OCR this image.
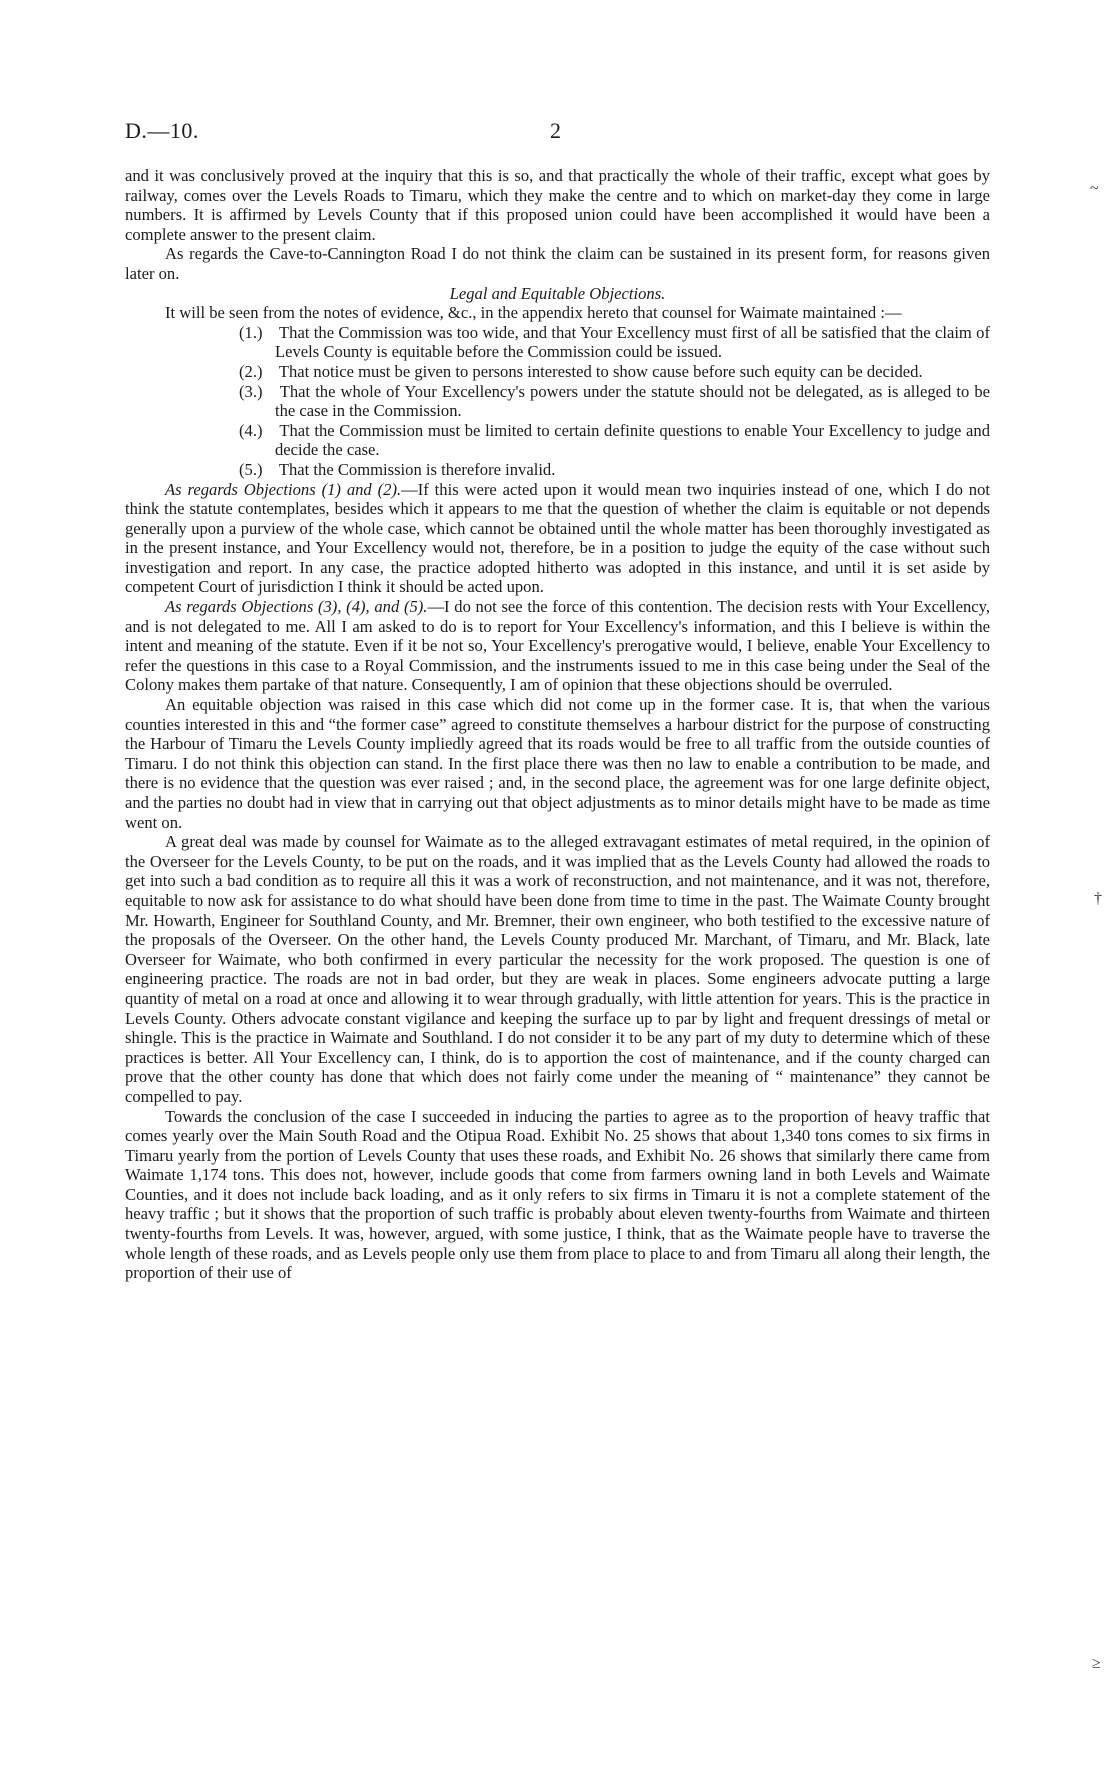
D.—10.	2

and it was conclusively proved at the inquiry that this is so, and that practically the whole of their traffic, except what goes by railway, comes over the Levels Roads to Timaru, which they make the centre and to which on market-day they come in large numbers. It is affirmed by Levels County that if this proposed union could have been accomplished it would have been a complete answer to the present claim.

As regards the Cave-to-Cannington Road I do not think the claim can be sustained in its present form, for reasons given later on.

Legal and Equitable Objections.

It will be seen from the notes of evidence, &c., in the appendix hereto that counsel for Waimate maintained :—

(1.) That the Commission was too wide, and that Your Excellency must first of all be satisfied that the claim of Levels County is equitable before the Commission could be issued.
(2.) That notice must be given to persons interested to show cause before such equity can be decided.
(3.) That the whole of Your Excellency's powers under the statute should not be delegated, as is alleged to be the case in the Commission.
(4.) That the Commission must be limited to certain definite questions to enable Your Excellency to judge and decide the case.
(5.) That the Commission is therefore invalid.

As regards Objections (1) and (2).—If this were acted upon it would mean two inquiries instead of one, which I do not think the statute contemplates, besides which it appears to me that the question of whether the claim is equitable or not depends generally upon a purview of the whole case, which cannot be obtained until the whole matter has been thoroughly investigated as in the present instance, and Your Excellency would not, therefore, be in a position to judge the equity of the case without such investigation and report. In any case, the practice adopted hitherto was adopted in this instance, and until it is set aside by competent Court of jurisdiction I think it should be acted upon.

As regards Objections (3), (4), and (5).—I do not see the force of this contention. The decision rests with Your Excellency, and is not delegated to me. All I am asked to do is to report for Your Excellency's information, and this I believe is within the intent and meaning of the statute. Even if it be not so, Your Excellency's prerogative would, I believe, enable Your Excellency to refer the questions in this case to a Royal Commission, and the instruments issued to me in this case being under the Seal of the Colony makes them partake of that nature. Consequently, I am of opinion that these objections should be overruled.

An equitable objection was raised in this case which did not come up in the former case. It is, that when the various counties interested in this and “the former case” agreed to constitute themselves a harbour district for the purpose of constructing the Harbour of Timaru the Levels County impliedly agreed that its roads would be free to all traffic from the outside counties of Timaru. I do not think this objection can stand. In the first place there was then no law to enable a contribution to be made, and there is no evidence that the question was ever raised ; and, in the second place, the agreement was for one large definite object, and the parties no doubt had in view that in carrying out that object adjustments as to minor details might have to be made as time went on.

A great deal was made by counsel for Waimate as to the alleged extravagant estimates of metal required, in the opinion of the Overseer for the Levels County, to be put on the roads, and it was implied that as the Levels County had allowed the roads to get into such a bad condition as to require all this it was a work of reconstruction, and not maintenance, and it was not, therefore, equitable to now ask for assistance to do what should have been done from time to time in the past. The Waimate County brought Mr. Howarth, Engineer for Southland County, and Mr. Bremner, their own engineer, who both testified to the excessive nature of the proposals of the Overseer. On the other hand, the Levels County produced Mr. Marchant, of Timaru, and Mr. Black, late Overseer for Waimate, who both confirmed in every particular the necessity for the work proposed. The question is one of engineering practice. The roads are not in bad order, but they are weak in places. Some engineers advocate putting a large quantity of metal on a road at once and allowing it to wear through gradually, with little attention for years. This is the practice in Levels County. Others advocate constant vigilance and keeping the surface up to par by light and frequent dressings of metal or shingle. This is the practice in Waimate and Southland. I do not consider it to be any part of my duty to determine which of these practices is better. All Your Excellency can, I think, do is to apportion the cost of maintenance, and if the county charged can prove that the other county has done that which does not fairly come under the meaning of “ maintenance” they cannot be compelled to pay.

Towards the conclusion of the case I succeeded in inducing the parties to agree as to the proportion of heavy traffic that comes yearly over the Main South Road and the Otipua Road. Exhibit No. 25 shows that about 1,340 tons comes to six firms in Timaru yearly from the portion of Levels County that uses these roads, and Exhibit No. 26 shows that similarly there came from Waimate 1,174 tons. This does not, however, include goods that come from farmers owning land in both Levels and Waimate Counties, and it does not include back loading, and as it only refers to six firms in Timaru it is not a complete statement of the heavy traffic ; but it shows that the proportion of such traffic is probably about eleven twenty-fourths from Waimate and thirteen twenty-fourths from Levels. It was, however, argued, with some justice, I think, that as the Waimate people have to traverse the whole length of these roads, and as Levels people only use them from place to place to and from Timaru all along their length, the proportion of their use of

~
†
≥
